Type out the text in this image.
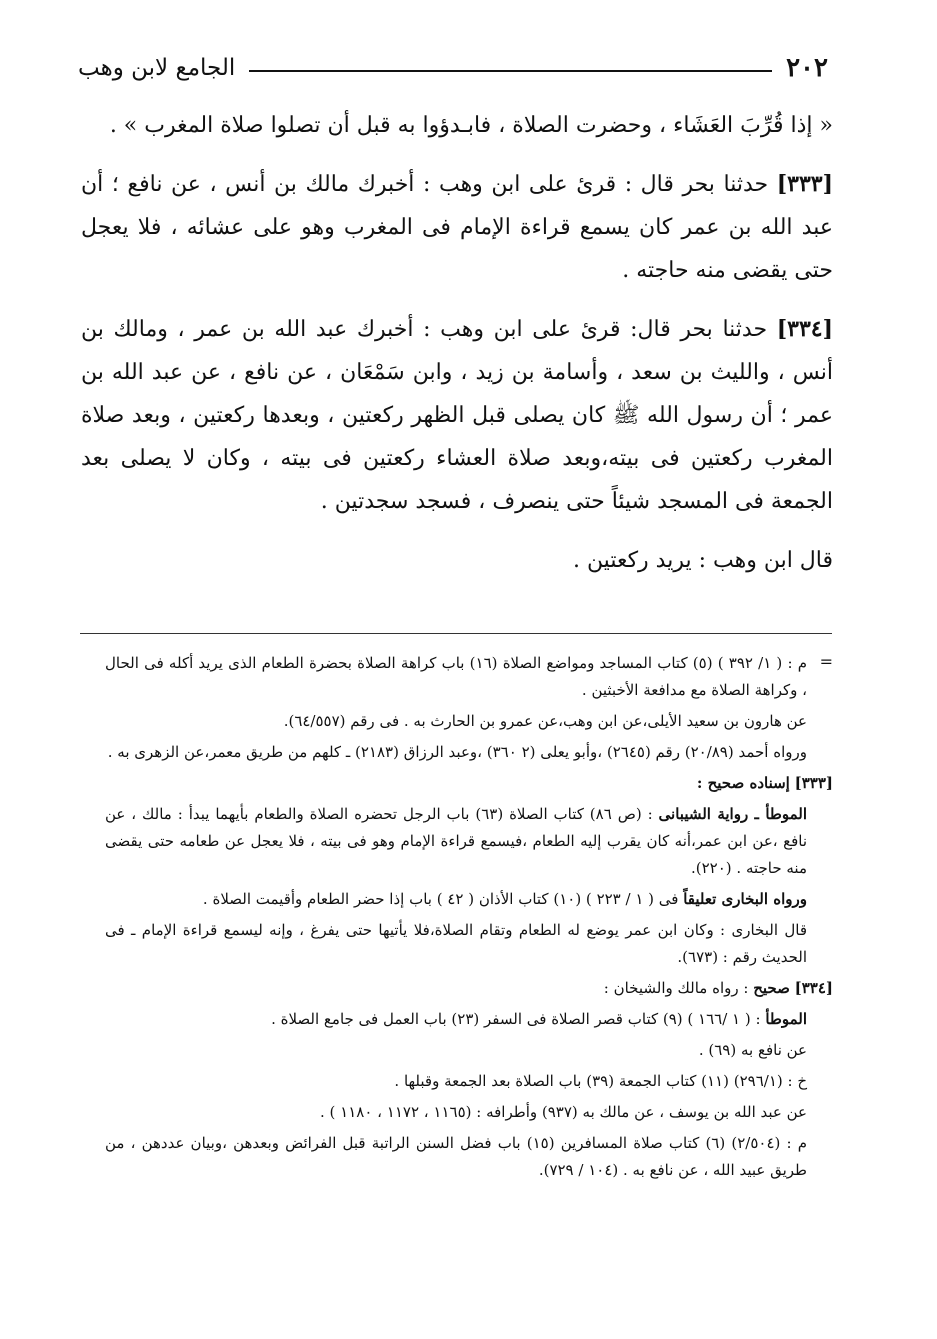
٢٠٢
الجامع لابن وهب

« إذا قُرِّبَ العَشَاء ، وحضرت الصلاة ، فابـدؤوا به قبل أن تصلوا صلاة المغرب » .

[٣٣٣] حدثنا بحر قال : قرئ على ابن وهب : أخبرك مالك بن أنس ، عن نافع ؛ أن عبد الله بن عمر كان يسمع قراءة الإمام فى المغرب وهو على عشائه ، فلا يعجل حتى يقضى منه حاجته .

[٣٣٤] حدثنا بحر قال: قرئ على ابن وهب : أخبرك عبد الله بن عمر ، ومالك بن أنس ، والليث بن سعد ، وأسامة بن زيد ، وابن سَمْعَان ، عن نافع ، عن عبد الله بن عمر ؛ أن رسول الله ﷺ كان يصلى قبل الظهر ركعتين ، وبعدها ركعتين ، وبعد صلاة المغرب ركعتين فى بيته،وبعد صلاة العشاء ركعتين فى بيته ، وكان لا يصلى بعد الجمعة فى المسجد شيئاً حتى ينصرف ، فسجد سجدتين .

قال ابن وهب : يريد ركعتين .

=

م : ( ١/ ٣٩٢ ) (٥) كتاب المساجد ومواضع الصلاة (١٦) باب كراهة الصلاة بحضرة الطعام الذى يريد أكله فى الحال ، وكراهة الصلاة مع مدافعة الأخبثين .

عن هارون بن سعيد الأيلى،عن ابن وهب،عن عمرو بن الحارث به . فى رقم (٦٤/٥٥٧).

ورواه أحمد (٢٠/٨٩) رقم (٢٦٤٥) ،وأبو يعلى (٢ ٣٦٠) ،وعبد الرزاق (٢١٨٣) ـ كلهم من طريق معمر،عن الزهرى به .

[٣٣٣] إسناده صحيح :

الموطأ ـ رواية الشيبانى : (ص ٨٦) كتاب الصلاة (٦٣) باب الرجل تحضره الصلاة والطعام بأيهما يبدأ : مالك ، عن نافع ،عن ابن عمر،أنه كان يقرب إليه الطعام ،فيسمع قراءة الإمام وهو فى بيته ، فلا يعجل عن طعامه حتى يقضى منه حاجته . (٢٢٠).

ورواه البخارى تعليقاً فى ( ١ / ٢٢٣ ) (١٠) كتاب الأذان ( ٤٢ ) باب إذا حضر الطعام وأقيمت الصلاة .

قال البخارى : وكان ابن عمر يوضع له الطعام وتقام الصلاة،فلا يأتيها حتى يفرغ ، وإنه ليسمع قراءة الإمام ـ فى الحديث رقم : (٦٧٣).

[٣٣٤] صحيح : رواه مالك والشيخان :

الموطأ : ( ١ /١٦٦ ) (٩) كتاب قصر الصلاة فى السفر (٢٣) باب العمل فى جامع الصلاة .

عن نافع به (٦٩) .

خ : (٢٩٦/١) (١١) كتاب الجمعة (٣٩) باب الصلاة بعد الجمعة وقبلها .

عن عبد الله بن يوسف ، عن مالك به (٩٣٧) وأطرافه : (١١٦٥ ، ١١٧٢ ، ١١٨٠ ) .

م : (٢/٥٠٤) (٦) كتاب صلاة المسافرين (١٥) باب فضل السنن الراتبة قبل الفرائض وبعدهن ،وبيان عددهن ، من طريق عبيد الله ، عن نافع به . (١٠٤ / ٧٢٩).
